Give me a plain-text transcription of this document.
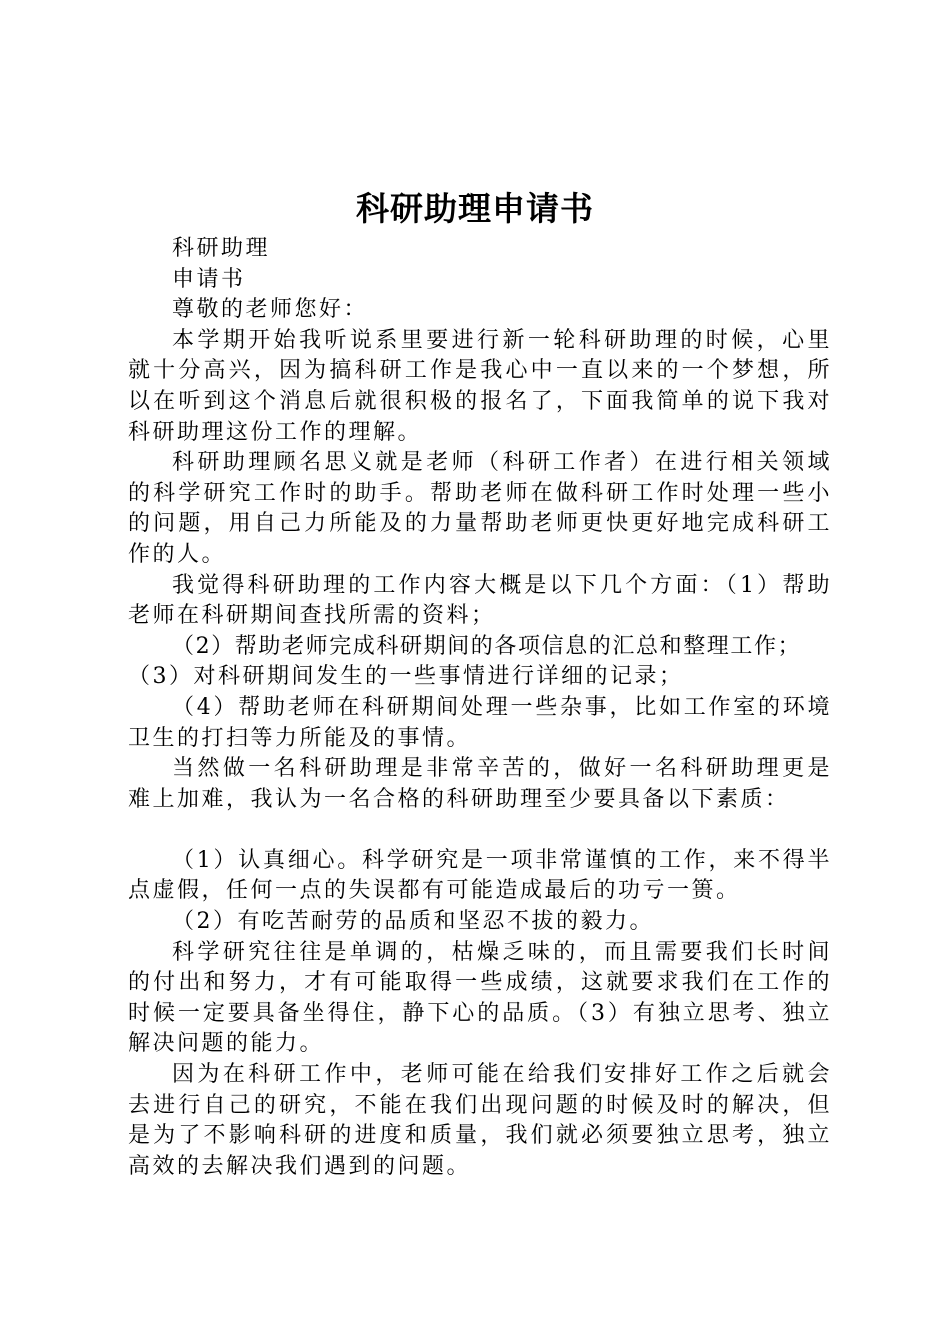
科研助理申请书

科研助理

申请书

尊敬的老师您好：

本学期开始我听说系里要进行新一轮科研助理的时候，心里就十分高兴，因为搞科研工作是我心中一直以来的一个梦想，所以在听到这个消息后就很积极的报名了，下面我简单的说下我对科研助理这份工作的理解。

科研助理顾名思义就是老师（科研工作者）在进行相关领域的科学研究工作时的助手。帮助老师在做科研工作时处理一些小的问题，用自己力所能及的力量帮助老师更快更好地完成科研工作的人。

我觉得科研助理的工作内容大概是以下几个方面：（1）帮助老师在科研期间查找所需的资料；

（2）帮助老师完成科研期间的各项信息的汇总和整理工作；

（3）对科研期间发生的一些事情进行详细的记录；

（4）帮助老师在科研期间处理一些杂事，比如工作室的环境卫生的打扫等力所能及的事情。

当然做一名科研助理是非常辛苦的，做好一名科研助理更是难上加难，我认为一名合格的科研助理至少要具备以下素质：

（1）认真细心。科学研究是一项非常谨慎的工作，来不得半点虚假，任何一点的失误都有可能造成最后的功亏一篑。

（2）有吃苦耐劳的品质和坚忍不拔的毅力。

科学研究往往是单调的，枯燥乏味的，而且需要我们长时间的付出和努力，才有可能取得一些成绩，这就要求我们在工作的时候一定要具备坐得住，静下心的品质。（3）有独立思考、独立解决问题的能力。

因为在科研工作中，老师可能在给我们安排好工作之后就会去进行自己的研究，不能在我们出现问题的时候及时的解决，但是为了不影响科研的进度和质量，我们就必须要独立思考，独立高效的去解决我们遇到的问题。
